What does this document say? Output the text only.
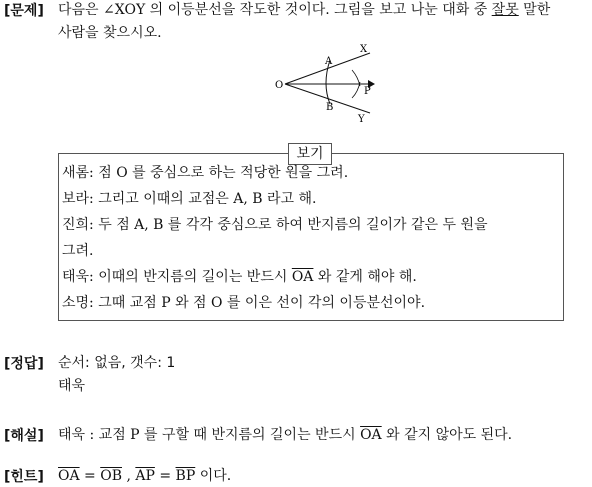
[문제] 다음은 ∠XOY 의 이등분선을 작도한 것이다. 그림을 보고 나눈 대화 중 잘못 말한
사람을 찾으시오.
O
A
B
X
Y
P
보기
새롬: 점 O 를 중심으로 하는 적당한 원을 그려.
보라: 그리고 이때의 교점은 A, B 라고 해.
진희: 두 점 A, B 를 각각 중심으로 하여 반지름의 길이가 같은 두 원을
그려.
태욱: 이때의 반지름의 길이는 반드시 $\overline{OA}$ 와 같게 해야 해.
소명: 그때 교점 P 와 점 O 를 이은 선이 각의 이등분선이야.
[정답] 순서: 없음, 갯수: 1
태욱
[해설] 태욱 : 교점 P 를 구할 때 반지름의 길이는 반드시 $\overline{OA}$ 와 같지 않아도 된다.
[힌트] $\overline{OA} = \overline{OB}$ , $\overline{AP} = \overline{BP}$ 이다.
